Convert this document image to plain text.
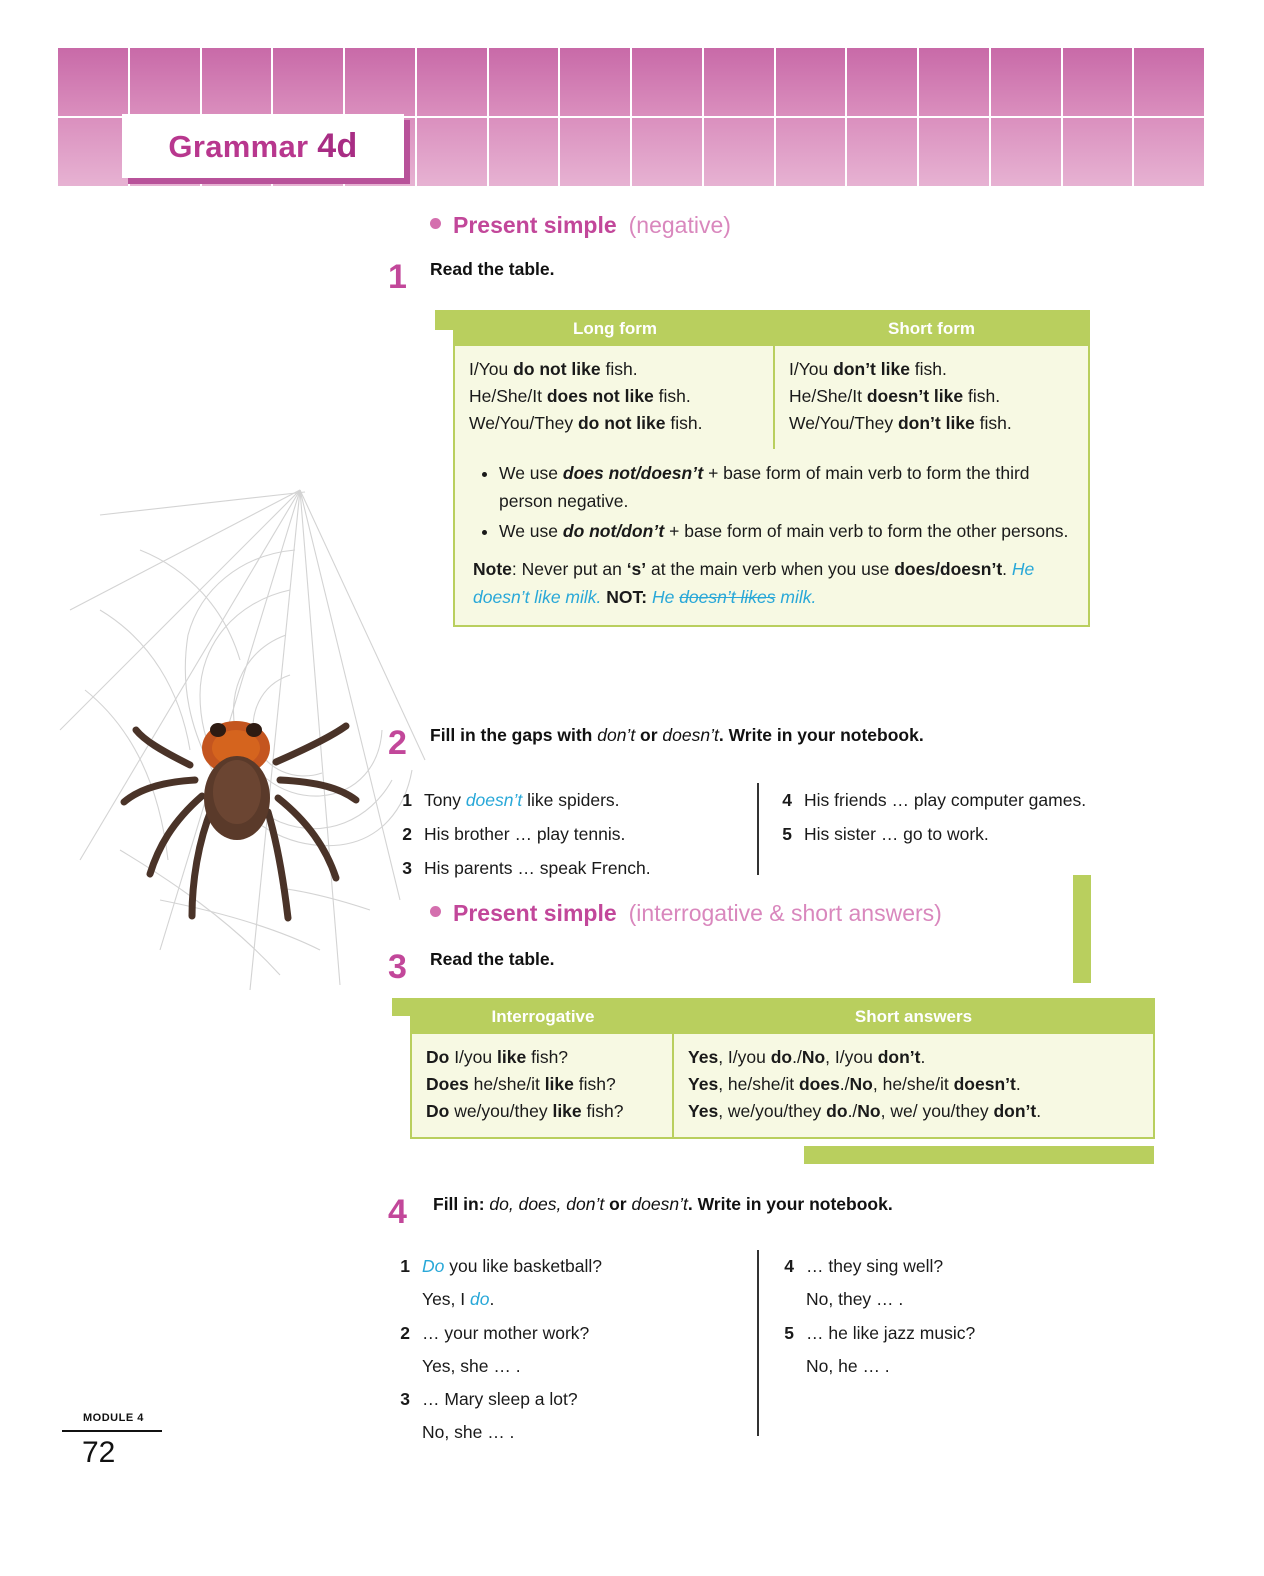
Grammar 4d
Present simple (negative)
1 Read the table.
Long form	Short form
I/You do not like fish.
He/She/It does not like fish.
We/You/They do not like fish.
I/You don’t like fish.
He/She/It doesn’t like fish.
We/You/They don’t like fish.
• We use does not/doesn’t + base form of main verb to form the third person negative.
• We use do not/don’t + base form of main verb to form the other persons.
Note: Never put an ‘s’ at the main verb when you use does/doesn’t. He doesn’t like milk. NOT: He doesn’t likes milk.
2 Fill in the gaps with don’t or doesn’t. Write in your notebook.
1 Tony doesn’t like spiders.
2 His brother … play tennis.
3 His parents … speak French.
4 His friends … play computer games.
5 His sister … go to work.
Present simple (interrogative & short answers)
3 Read the table.
Interrogative	Short answers
Do I/you like fish?
Does he/she/it like fish?
Do we/you/they like fish?
Yes, I/you do./No, I/you don’t.
Yes, he/she/it does./No, he/she/it doesn’t.
Yes, we/you/they do./No, we/ you/they don’t.
4 Fill in: do, does, don’t or doesn’t. Write in your notebook.
1 Do you like basketball?
Yes, I do.
2 … your mother work?
Yes, she … .
3 … Mary sleep a lot?
No, she … .
4 … they sing well?
No, they … .
5 … he like jazz music?
No, he … .
MODULE 4
72
